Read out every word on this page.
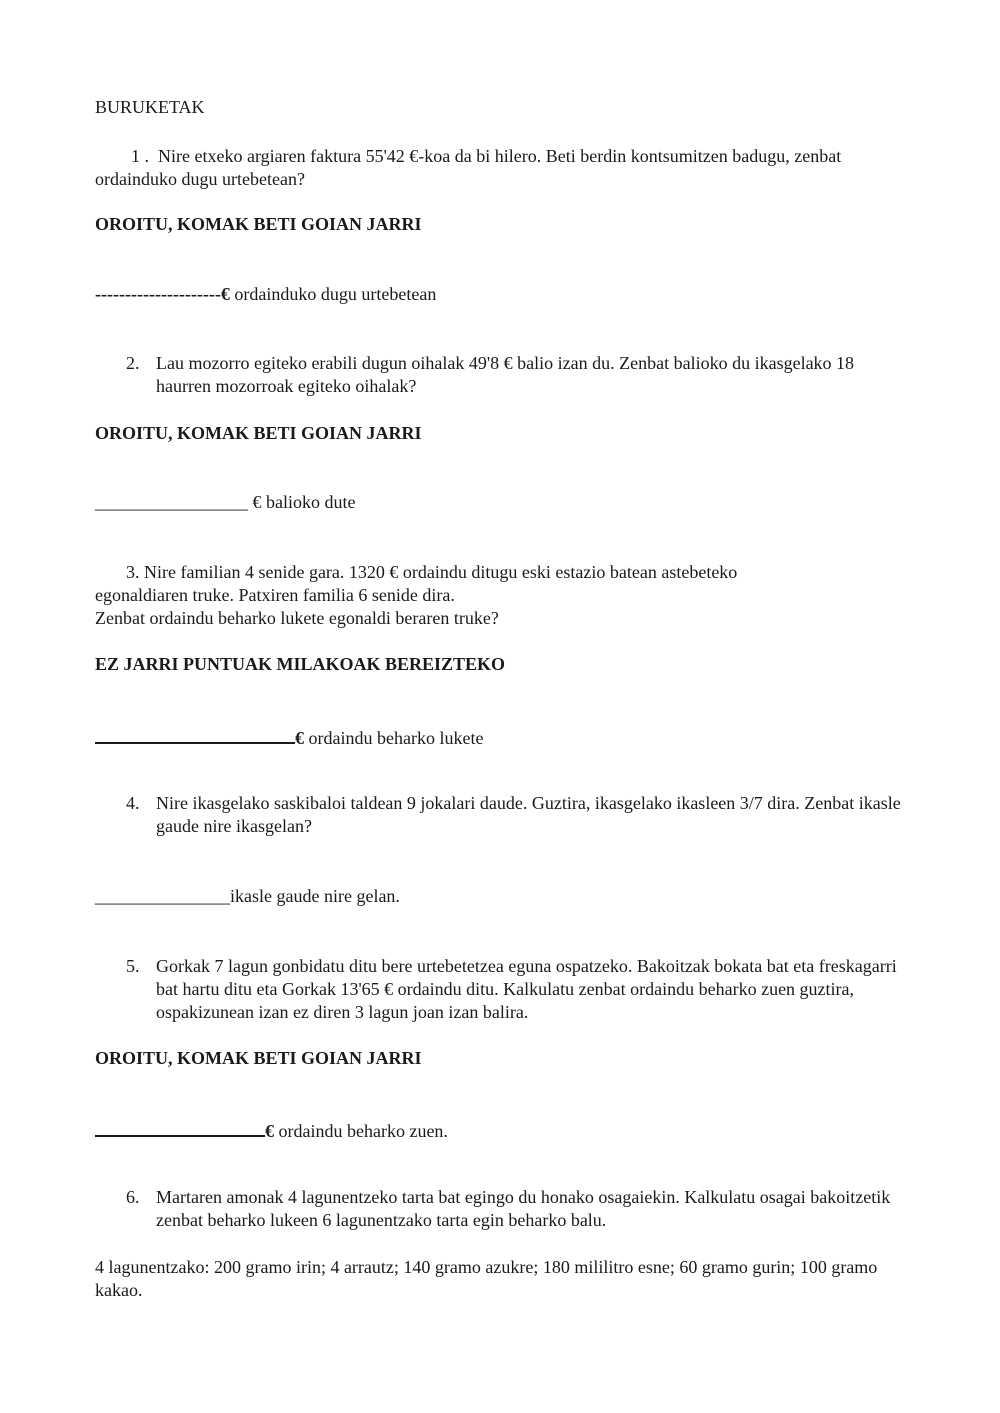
BURUKETAK

1 . Nire etxeko argiaren faktura 55'42 €-koa da bi hilero. Beti berdin kontsumitzen badugu, zenbat ordainduko dugu urtebetean?

OROITU, KOMAK BETI GOIAN JARRI

---------------------€ ordainduko dugu urtebetean

2. Lau mozorro egiteko erabili dugun oihalak 49'8 € balio izan du. Zenbat balioko du ikasgelako 18 haurren mozorroak egiteko oihalak?

OROITU, KOMAK BETI GOIAN JARRI

_________________ € balioko dute

3. Nire familian 4 senide gara. 1320 € ordaindu ditugu eski estazio batean astebeteko
egonaldiaren truke. Patxiren familia 6 senide dira.
Zenbat ordaindu beharko lukete egonaldi beraren truke?

EZ JARRI PUNTUAK MILAKOAK BEREIZTEKO

€ ordaindu beharko lukete

4. Nire ikasgelako saskibaloi taldean 9 jokalari daude. Guztira, ikasgelako ikasleen 3/7 dira. Zenbat ikasle gaude nire ikasgelan?

_______________ikasle gaude nire gelan.

5. Gorkak 7 lagun gonbidatu ditu bere urtebetetzea eguna ospatzeko. Bakoitzak bokata bat eta freskagarri bat hartu ditu eta Gorkak 13'65 € ordaindu ditu. Kalkulatu zenbat ordaindu beharko zuen guztira, ospakizunean izan ez diren 3 lagun joan izan balira.

OROITU, KOMAK BETI GOIAN JARRI

€ ordaindu beharko zuen.

6. Martaren amonak 4 lagunentzeko tarta bat egingo du honako osagaiekin. Kalkulatu osagai bakoitzetik zenbat beharko lukeen 6 lagunentzako tarta egin beharko balu.

4 lagunentzako: 200 gramo irin; 4 arrautz; 140 gramo azukre; 180 mililitro esne; 60 gramo gurin; 100 gramo kakao.
